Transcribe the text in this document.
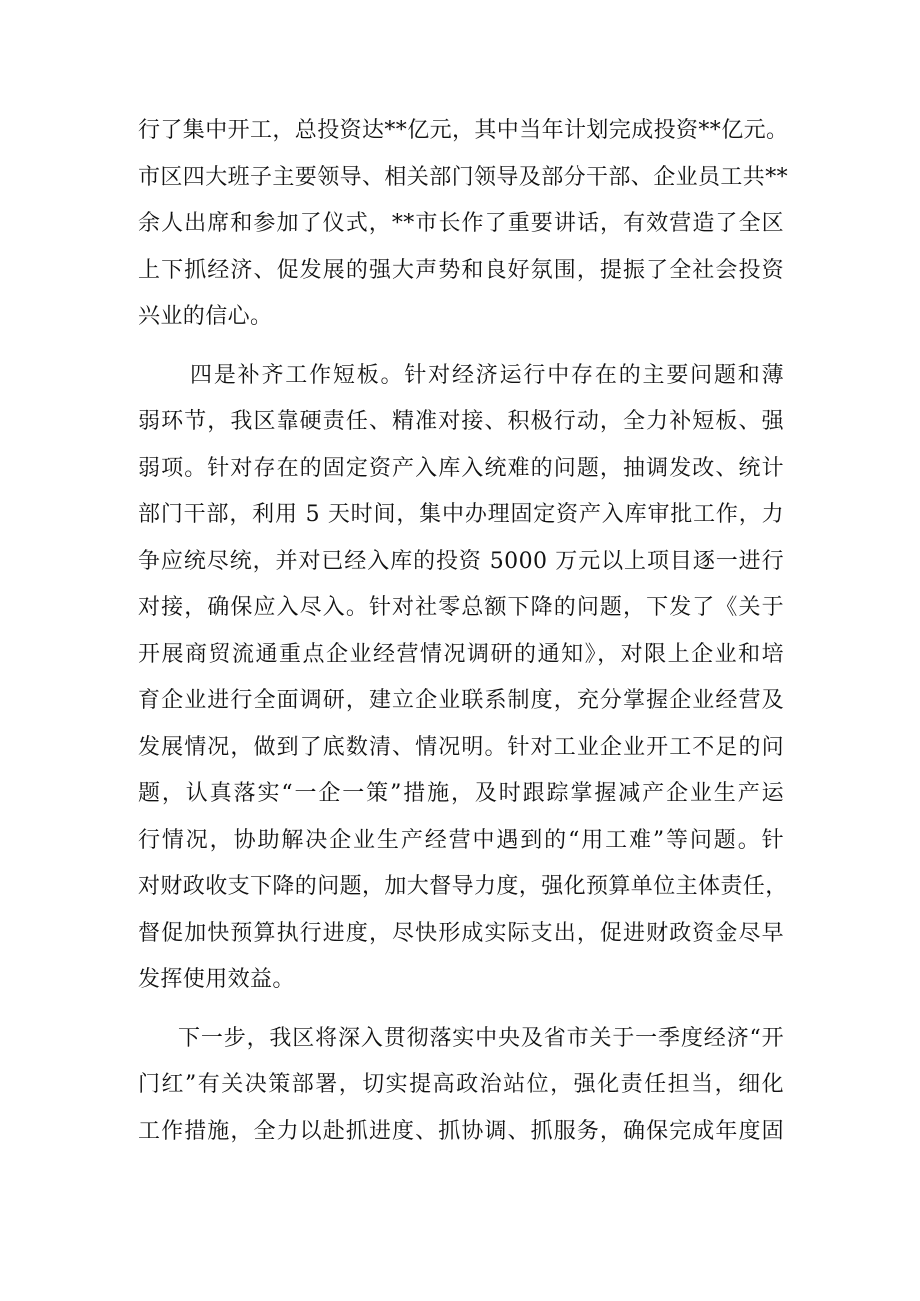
行了集中开工，总投资达**亿元，其中当年计划完成投资**亿元。
市区四大班子主要领导、相关部门领导及部分干部、企业员工共**
余人出席和参加了仪式，**市长作了重要讲话，有效营造了全区
上下抓经济、促发展的强大声势和良好氛围，提振了全社会投资
兴业的信心。
四是补齐工作短板。针对经济运行中存在的主要问题和薄
弱环节，我区靠硬责任、精准对接、积极行动，全力补短板、强
弱项。针对存在的固定资产入库入统难的问题，抽调发改、统计
部门干部，利用 5 天时间，集中办理固定资产入库审批工作，力
争应统尽统，并对已经入库的投资 5000 万元以上项目逐一进行
对接，确保应入尽入。针对社零总额下降的问题，下发了《关于
开展商贸流通重点企业经营情况调研的通知》，对限上企业和培
育企业进行全面调研，建立企业联系制度，充分掌握企业经营及
发展情况，做到了底数清、情况明。针对工业企业开工不足的问
题，认真落实“一企一策”措施，及时跟踪掌握减产企业生产运
行情况，协助解决企业生产经营中遇到的“用工难”等问题。针
对财政收支下降的问题，加大督导力度，强化预算单位主体责任，
督促加快预算执行进度，尽快形成实际支出，促进财政资金尽早
发挥使用效益。
下一步，我区将深入贯彻落实中央及省市关于一季度经济“开
门红”有关决策部署，切实提高政治站位，强化责任担当，细化
工作措施，全力以赴抓进度、抓协调、抓服务，确保完成年度固
